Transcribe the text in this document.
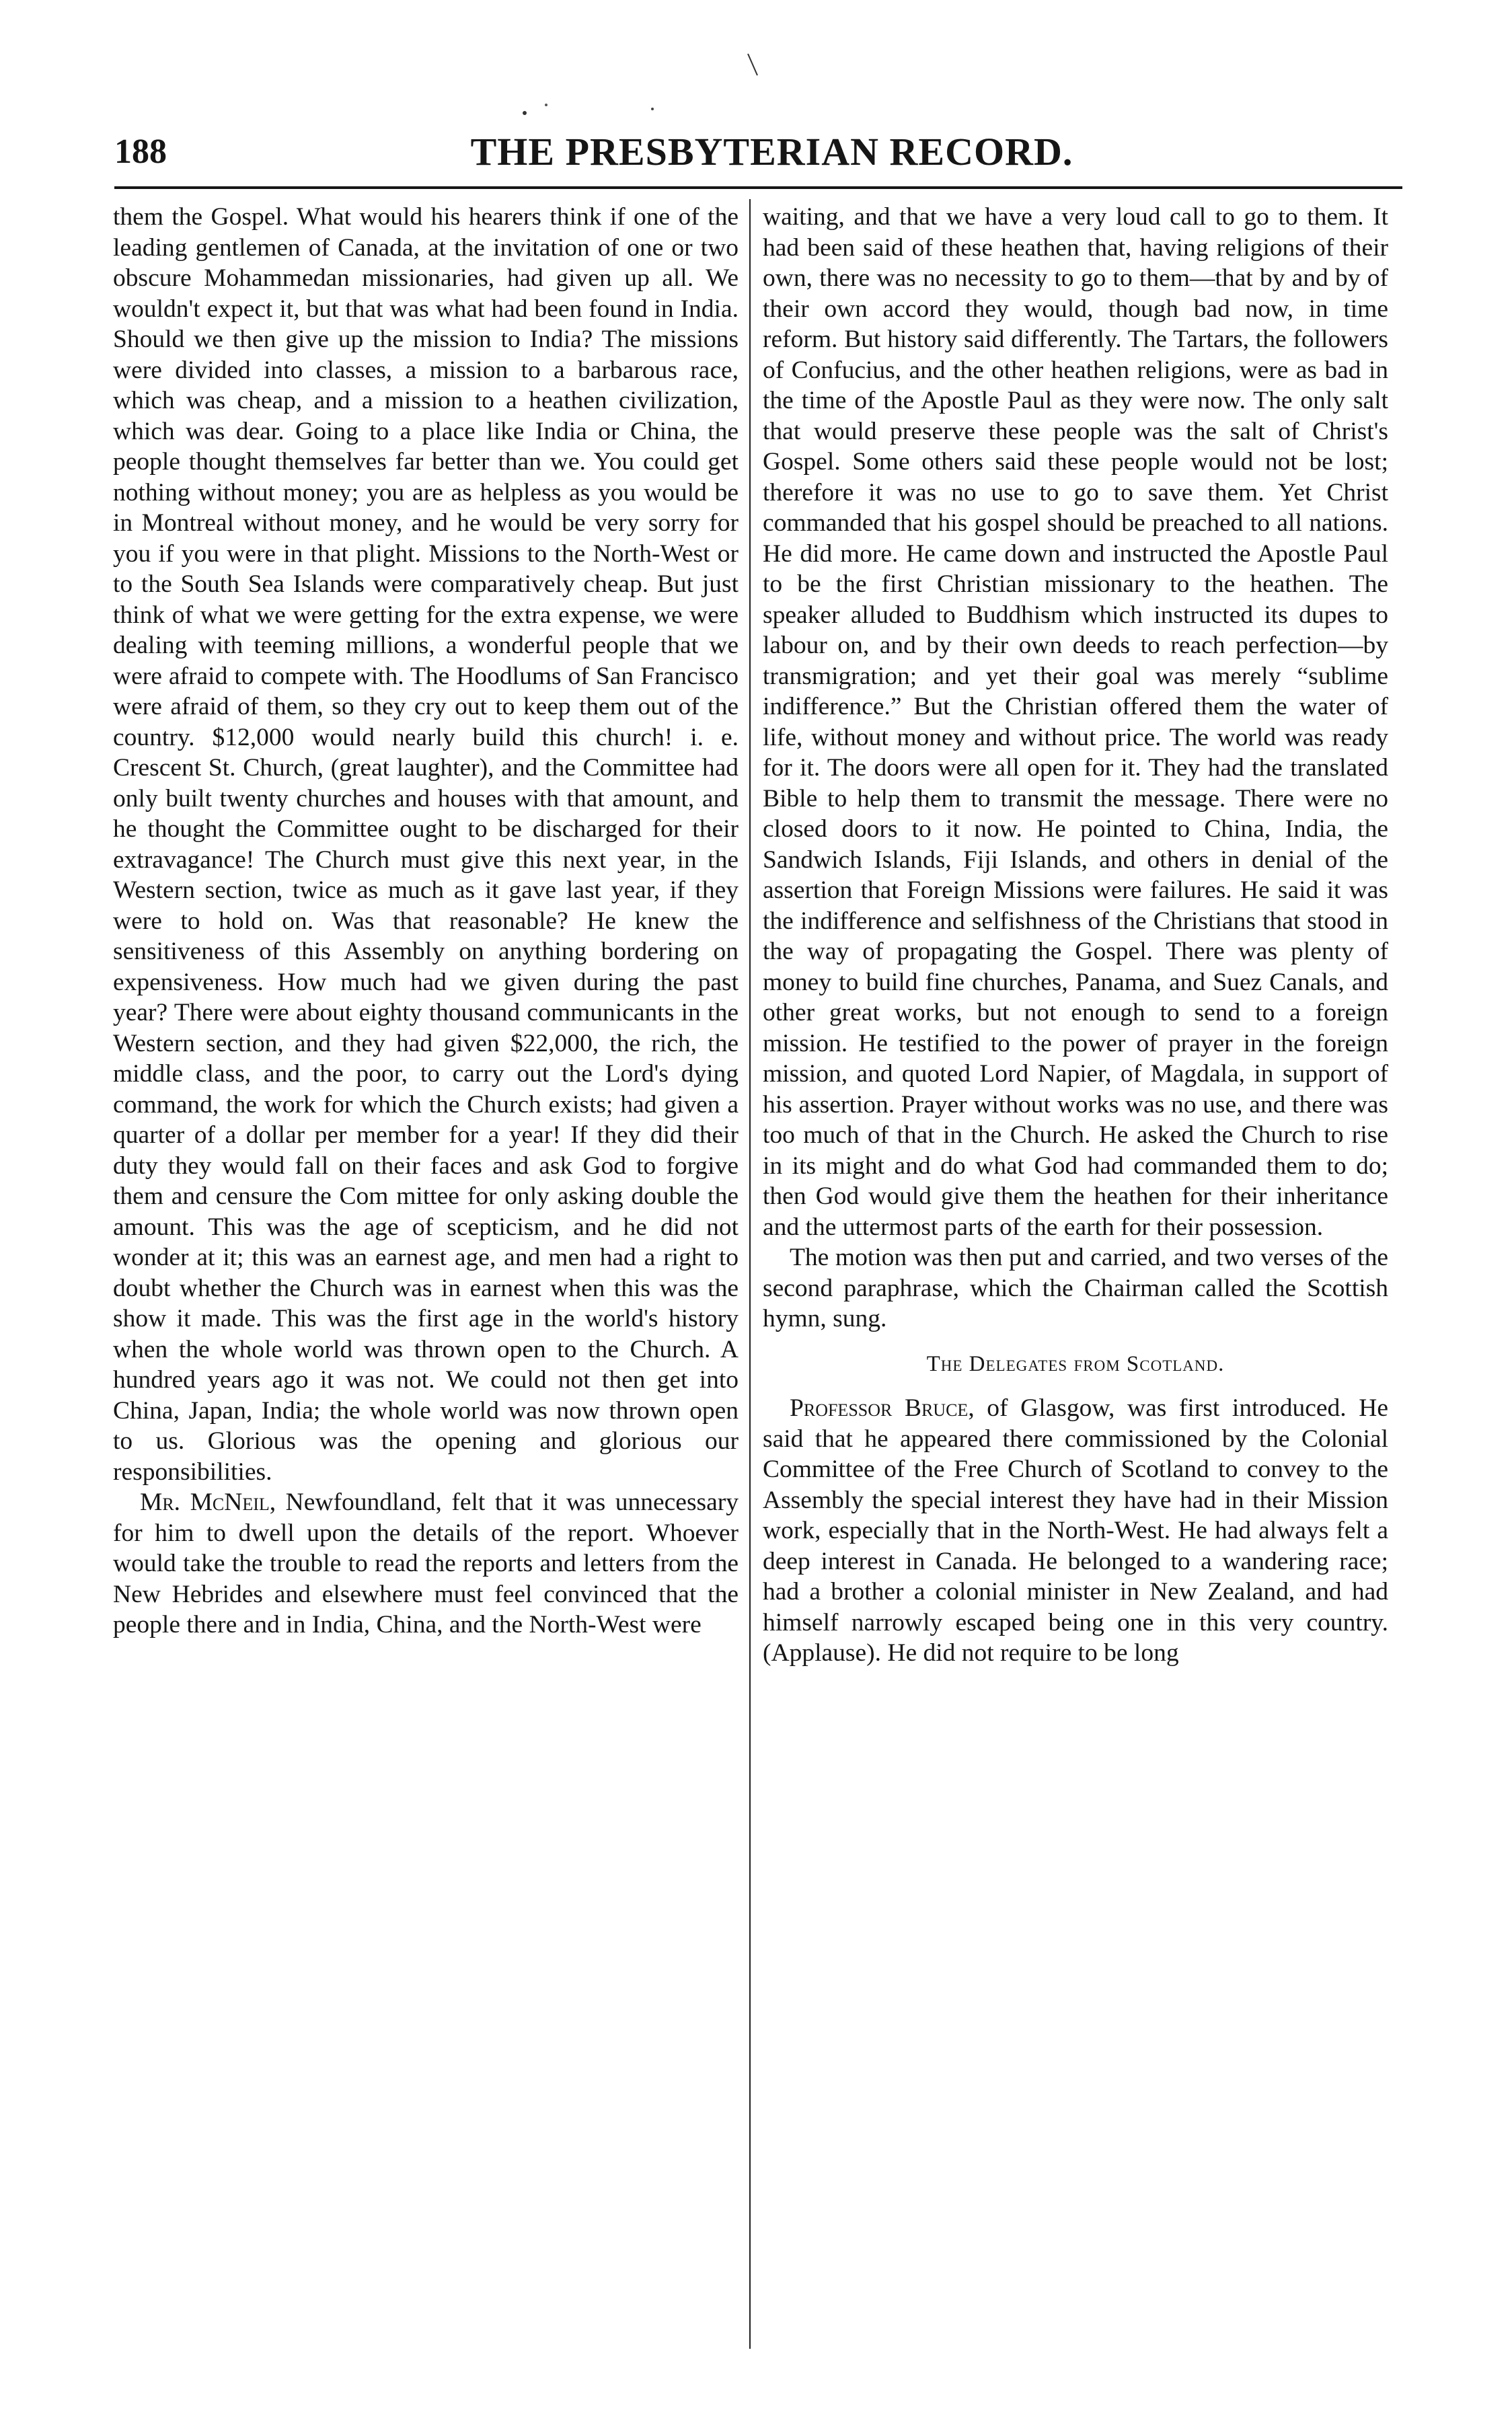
188	THE PRESBYTERIAN RECORD.

them the Gospel. What would his hearers think if one of the leading gentlemen of Canada, at the invitation of one or two obscure Mohammedan missionaries, had given up all. We wouldn't expect it, but that was what had been found in India. Should we then give up the mission to India? The missions were divided into classes, a mission to a barbarous race, which was cheap, and a mission to a heathen civilization, which was dear. Going to a place like India or China, the people thought themselves far better than we. You could get nothing without money; you are as helpless as you would be in Montreal without money, and he would be very sorry for you if you were in that plight. Missions to the North-West or to the South Sea Islands were comparatively cheap. But just think of what we were getting for the extra expense, we were dealing with teeming millions, a wonderful people that we were afraid to compete with. The Hoodlums of San Francisco were afraid of them, so they cry out to keep them out of the country. $12,000 would nearly build this church! i. e. Crescent St. Church, (great laughter), and the Committee had only built twenty churches and houses with that amount, and he thought the Committee ought to be discharged for their extravagance! The Church must give this next year, in the Western section, twice as much as it gave last year, if they were to hold on. Was that reasonable? He knew the sensitiveness of this Assembly on anything bordering on expensiveness. How much had we given during the past year? There were about eighty thousand communicants in the Western section, and they had given $22,000, the rich, the middle class, and the poor, to carry out the Lord's dying command, the work for which the Church exists; had given a quarter of a dollar per member for a year! If they did their duty they would fall on their faces and ask God to forgive them and censure the Com mittee for only asking double the amount. This was the age of scepticism, and he did not wonder at it; this was an earnest age, and men had a right to doubt whether the Church was in earnest when this was the show it made. This was the first age in the world's history when the whole world was thrown open to the Church. A hundred years ago it was not. We could not then get into China, Japan, India; the whole world was now thrown open to us. Glorious was the opening and glorious our responsibilities.

Mr. McNeil, Newfoundland, felt that it was unnecessary for him to dwell upon the details of the report. Whoever would take the trouble to read the reports and letters from the New Hebrides and elsewhere must feel convinced that the people there and in India, China, and the North-West were

waiting, and that we have a very loud call to go to them. It had been said of these heathen that, having religions of their own, there was no necessity to go to them—that by and by of their own accord they would, though bad now, in time reform. But history said differently. The Tartars, the followers of Confucius, and the other heathen religions, were as bad in the time of the Apostle Paul as they were now. The only salt that would preserve these people was the salt of Christ's Gospel. Some others said these people would not be lost; therefore it was no use to go to save them. Yet Christ commanded that his gospel should be preached to all nations. He did more. He came down and instructed the Apostle Paul to be the first Christian missionary to the heathen. The speaker alluded to Buddhism which instructed its dupes to labour on, and by their own deeds to reach perfection—by transmigration; and yet their goal was merely “sublime indifference.” But the Christian offered them the water of life, without money and without price. The world was ready for it. The doors were all open for it. They had the translated Bible to help them to transmit the message. There were no closed doors to it now. He pointed to China, India, the Sandwich Islands, Fiji Islands, and others in denial of the assertion that Foreign Missions were failures. He said it was the indifference and selfishness of the Christians that stood in the way of propagating the Gospel. There was plenty of money to build fine churches, Panama, and Suez Canals, and other great works, but not enough to send to a foreign mission. He testified to the power of prayer in the foreign mission, and quoted Lord Napier, of Magdala, in support of his assertion. Prayer without works was no use, and there was too much of that in the Church. He asked the Church to rise in its might and do what God had commanded them to do; then God would give them the heathen for their inheritance and the uttermost parts of the earth for their possession.

The motion was then put and carried, and two verses of the second paraphrase, which the Chairman called the Scottish hymn, sung.

The Delegates from Scotland.

Professor Bruce, of Glasgow, was first introduced. He said that he appeared there commissioned by the Colonial Committee of the Free Church of Scotland to convey to the Assembly the special interest they have had in their Mission work, especially that in the North-West. He had always felt a deep interest in Canada. He belonged to a wandering race; had a brother a colonial minister in New Zealand, and had himself narrowly escaped being one in this very country. (Applause). He did not require to be long
